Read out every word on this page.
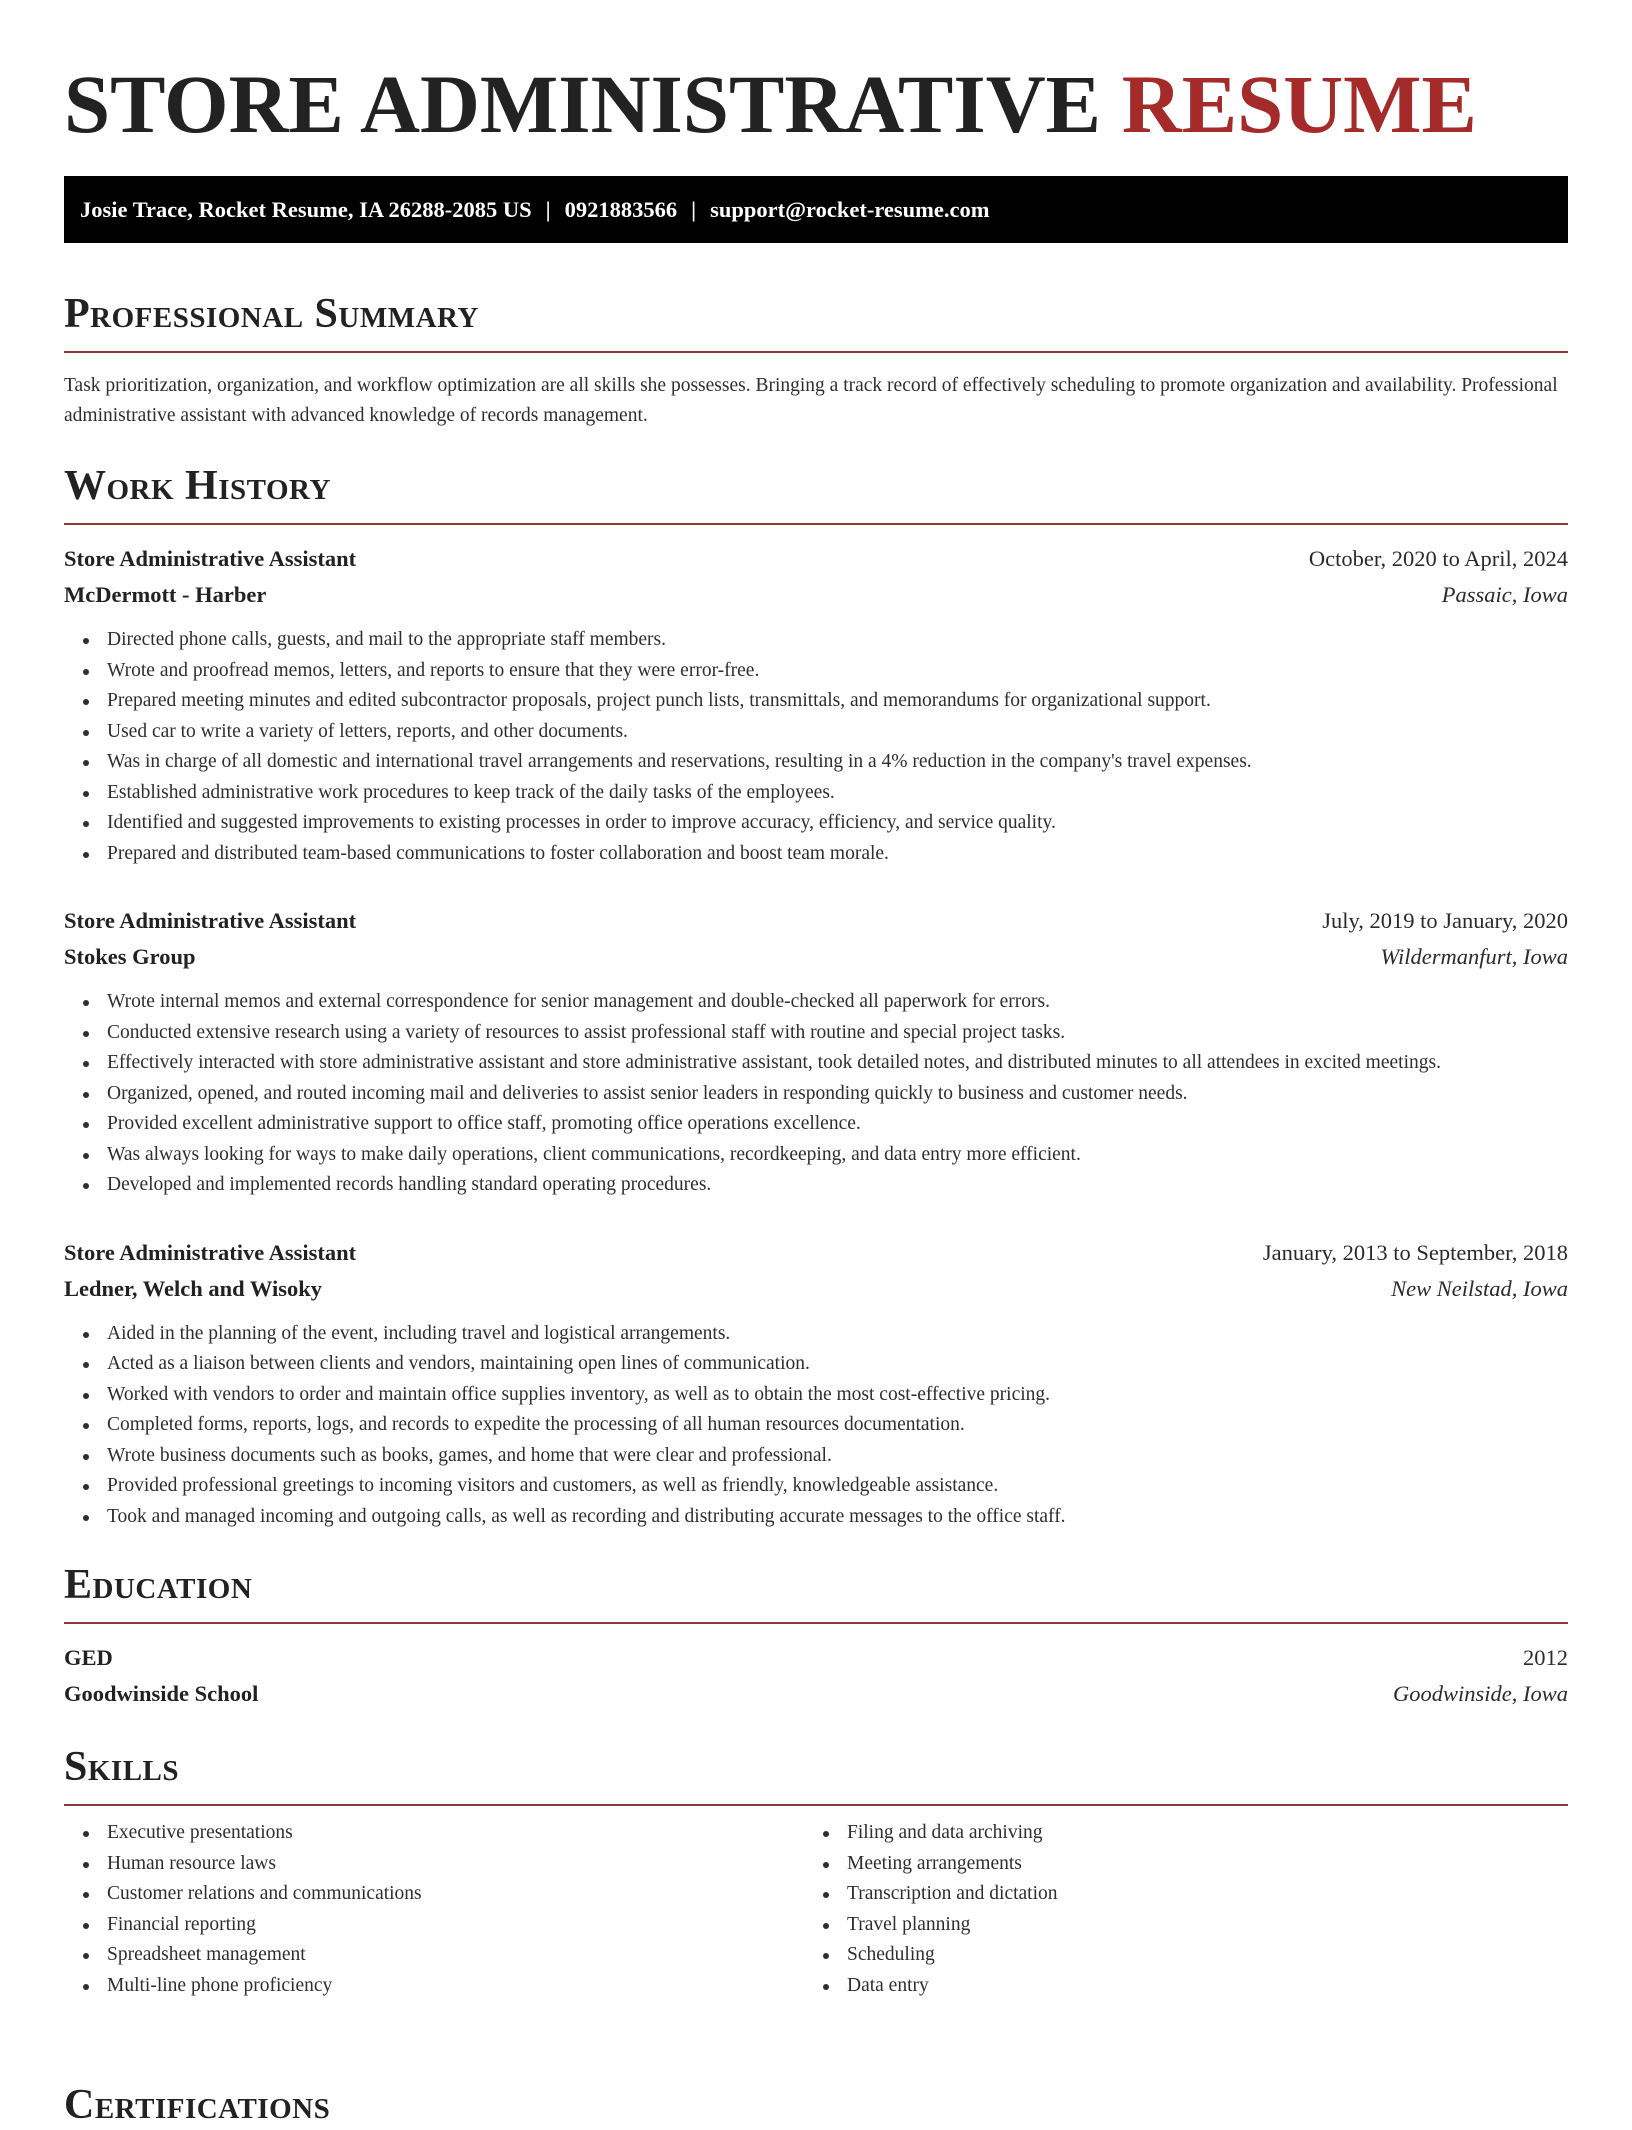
STORE ADMINISTRATIVE RESUME
Josie Trace, Rocket Resume, IA 26288-2085 US | 0921883566 | support@rocket-resume.com
Professional Summary
Task prioritization, organization, and workflow optimization are all skills she possesses. Bringing a track record of effectively scheduling to promote organization and availability. Professional administrative assistant with advanced knowledge of records management.
Work History
Store Administrative Assistant	October, 2020 to April, 2024
McDermott - Harber	Passaic, Iowa
Directed phone calls, guests, and mail to the appropriate staff members.
Wrote and proofread memos, letters, and reports to ensure that they were error-free.
Prepared meeting minutes and edited subcontractor proposals, project punch lists, transmittals, and memorandums for organizational support.
Used car to write a variety of letters, reports, and other documents.
Was in charge of all domestic and international travel arrangements and reservations, resulting in a 4% reduction in the company's travel expenses.
Established administrative work procedures to keep track of the daily tasks of the employees.
Identified and suggested improvements to existing processes in order to improve accuracy, efficiency, and service quality.
Prepared and distributed team-based communications to foster collaboration and boost team morale.
Store Administrative Assistant	July, 2019 to January, 2020
Stokes Group	Wildermanfurt, Iowa
Wrote internal memos and external correspondence for senior management and double-checked all paperwork for errors.
Conducted extensive research using a variety of resources to assist professional staff with routine and special project tasks.
Effectively interacted with store administrative assistant and store administrative assistant, took detailed notes, and distributed minutes to all attendees in excited meetings.
Organized, opened, and routed incoming mail and deliveries to assist senior leaders in responding quickly to business and customer needs.
Provided excellent administrative support to office staff, promoting office operations excellence.
Was always looking for ways to make daily operations, client communications, recordkeeping, and data entry more efficient.
Developed and implemented records handling standard operating procedures.
Store Administrative Assistant	January, 2013 to September, 2018
Ledner, Welch and Wisoky	New Neilstad, Iowa
Aided in the planning of the event, including travel and logistical arrangements.
Acted as a liaison between clients and vendors, maintaining open lines of communication.
Worked with vendors to order and maintain office supplies inventory, as well as to obtain the most cost-effective pricing.
Completed forms, reports, logs, and records to expedite the processing of all human resources documentation.
Wrote business documents such as books, games, and home that were clear and professional.
Provided professional greetings to incoming visitors and customers, as well as friendly, knowledgeable assistance.
Took and managed incoming and outgoing calls, as well as recording and distributing accurate messages to the office staff.
Education
GED	2012
Goodwinside School	Goodwinside, Iowa
Skills
Executive presentations
Human resource laws
Customer relations and communications
Financial reporting
Spreadsheet management
Multi-line phone proficiency
Filing and data archiving
Meeting arrangements
Transcription and dictation
Travel planning
Scheduling
Data entry
Certifications
